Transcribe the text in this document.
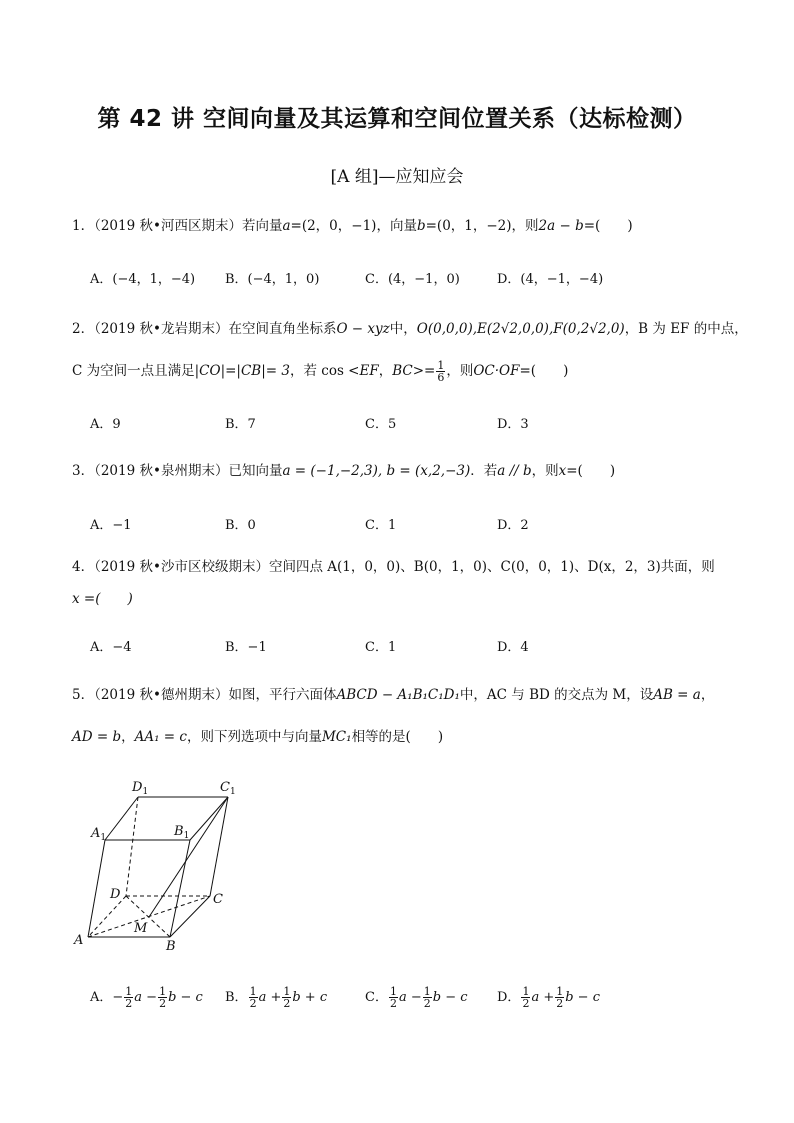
第 42 讲 空间向量及其运算和空间位置关系（达标检测）
[A 组]—应知应会
1．（2019 秋•河西区期末）若向量a=(2，0，−1)，向量b=(0，1，−2)，则2a − b=(　　)
A．(−4，1，−4) B．(−4，1，0)	C．(4，−1，0)	D．(4，−1，−4)
2．（2019 秋•龙岩期末）在空间直角坐标系O − xyz中，O(0,0,0),E(2√2,0,0),F(0,2√2,0)，B 为 EF 的中点，
C 为空间一点且满足|CO|=|CB|= 3，若 cos <EF，$BC>= \frac{1}{6}$ ，则OC·OF=(　　)
A．9	B．7	C．5	D．3
3．（2019 秋•泉州期末）已知向量a = (−1,−2,3), b = (x,2,−3)．若a // b，则x=(　　)
A．−1	B．0	C．1	D．2
4．（2019 秋•沙市区校级期末）空间四点 A(1，0，0)、B(0，1，0)、C(0，0，1)、D(x，2，3)共面，则
x =(　　)
A．−4	B．−1	C．1	D．4
5．（2019 秋•德州期末）如图，平行六面体ABCD − A₁B₁C₁D₁中，AC 与 BD 的交点为 M，设AB = a，
AD = b，AA₁ = c，则下列选项中与向量MC₁相等的是(　　)
$D_1$	$C_1$
$A_1$	$B_1$
D	C
A	B
M
A．− $\frac{1}{2}$ $a - \frac{1}{2}$ b − c B． $\frac{1}{2}$ $a + \frac{1}{2}$ b + c	C． $\frac{1}{2}$ $a - \frac{1}{2}$ b − c D． $\frac{1}{2}$ $a + \frac{1}{2}$ b − c
